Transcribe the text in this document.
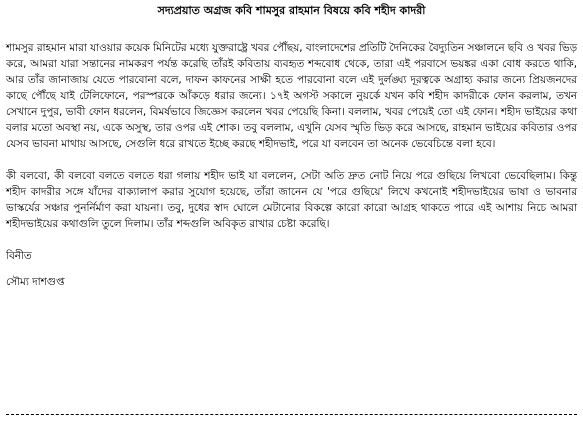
সদ্যপ্রয়াত অগ্রজ কবি শামসুর রাহমান বিষয়ে কবি শহীদ কাদরী

শামসুর রাহমান মারা যাওয়ার কয়েক মিনিটের মধ্যে যুক্তরাষ্ট্রে খবর পৌঁছয়, বাংলাদেশের প্রতিটি দৈনিকের বৈদ্যুতিন সঞ্চালনে ছবি ও খবর ভিড় করে, আমরা যারা সন্তানের নামকরণ পর্যন্ত করেছি তাঁরই কবিতায় ব্যবহৃত শব্দবোধ থেকে, তারা এই পরবাসে ভয়ঙ্কর একা বোধ করতে থাকি, আর তাঁর জানাজায় যেতে পারবোনা বলে, দাফন কাফনের সাক্ষী হতে পারবোনা বলে এই দুর্লঙ্ঘ্য দূরত্বকে অগ্রাহ্য করার জন্যে প্রিয়জনদের কাছে পৌঁছে যাই টেলিফোনে, পরস্পরকে আঁকড়ে ধরার জন্যে। ১৭ই অগস্ট সকালে নুয়র্কে যখন কবি শহীদ কাদরীকে ফোন করলাম, তখন সেখানে দুপুর, ভাবী ফোন ধরলেন, বিমর্ষভাবে জিজ্ঞেস করলেন খবর পেয়েছি কিনা। বললাম, খবর পেয়েই তো এই ফোন। শহীদ ভাইয়ের কথা বলার মতো অবস্থা নয়, একে অসুস্থ, তার ওপর এই শোক। তবু বললাম, এখুনি যেসব স্মৃতি ভিড় করে আসছে, রাহমান ভাইয়ের কবিতার ওপর যেসব ভাবনা মাথায় আসছে, সেগুলি ধরে রাখতে ইচ্ছে করছে শহীদভাই, পরে যা বলবেন তা অনেক ভেবেচিন্তে বলা হবে।

কী বলবো, কী বলবো বলতে বলতে ধরা গলায় শহীদ ভাই যা বললেন, সেটা অতি দ্রুত নোট নিয়ে পরে গুছিয়ে লিখবো ভেবেছিলাম। কিন্তু শহীদ কাদরীর সঙ্গে যাঁদের বাক্যালাপ করার সুযোগ হয়েছে, তাঁরা জানেন যে 'পরে গুছিয়ে' লিখে কখনোই শহীদভাইয়ের ভাষা ও ভাবনার ভাস্কর্যের সঞ্চার পুনর্নির্মাণ করা যায়না। তবু, দুধের স্বাদ ঘোলে মেটানোর বিকল্পে কারো কারো আগ্রহ থাকতে পারে এই আশায় নিচে আমরা শহীদভাইয়ের কথাগুলি তুলে দিলাম। তাঁর শব্দগুলি অবিকৃত রাখার চেষ্টা করেছি।

বিনীত

সৌম্য দাশগুপ্ত
